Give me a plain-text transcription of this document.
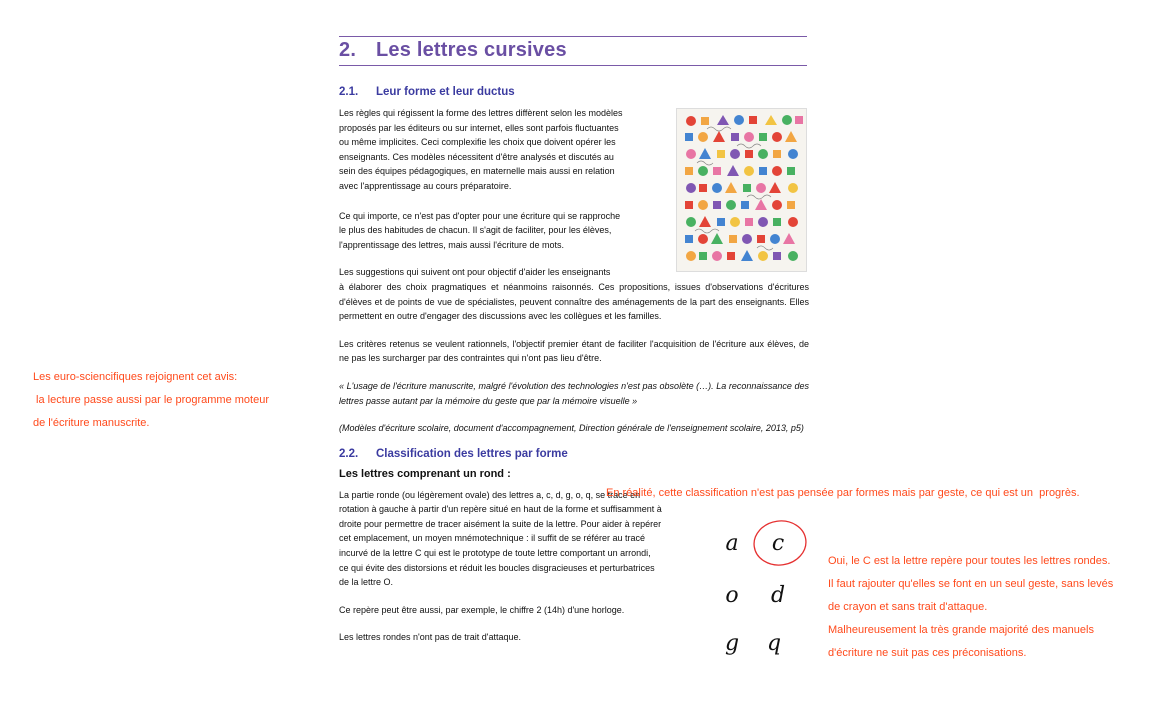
Les euro-sciencifiques rejoignent cet avis:
la lecture passe aussi par le programme moteur
de l'écriture manuscrite.
2. Les lettres cursives
2.1. Leur forme et leur ductus
Les règles qui régissent la forme des lettres diffèrent selon les modèles
proposés par les éditeurs ou sur internet, elles sont parfois fluctuantes
ou même implicites. Ceci complexifie les choix que doivent opérer les
enseignants. Ces modèles nécessitent d'être analysés et discutés au
sein des équipes pédagogiques, en maternelle mais aussi en relation
avec l'apprentissage au cours préparatoire.
Ce qui importe, ce n'est pas d'opter pour une écriture qui se rapproche
le plus des habitudes de chacun. Il s'agit de faciliter, pour les élèves,
l'apprentissage des lettres, mais aussi l'écriture de mots.
Les suggestions qui suivent ont pour objectif d'aider les enseignants
à élaborer des choix pragmatiques et néanmoins raisonnés. Ces propositions, issues d'observations d'écritures d'élèves et de points de vue de spécialistes, peuvent connaître des aménagements de la part des enseignants. Elles permettent en outre d'engager des discussions avec les collègues et les familles.
Les critères retenus se veulent rationnels, l'objectif premier étant de faciliter l'acquisition de l'écriture aux élèves, de ne pas les surcharger par des contraintes qui n'ont pas lieu d'être.
« L'usage de l'écriture manuscrite, malgré l'évolution des technologies n'est pas obsolète (…). La reconnaissance des lettres passe autant par la mémoire du geste que par la mémoire visuelle »
(Modèles d'écriture scolaire, document d'accompagnement, Direction générale de l'enseignement scolaire, 2013, p5)
2.2. Classification des lettres par forme
Les lettres comprenant un rond :
La partie ronde (ou légèrement ovale) des lettres a, c, d, g, o, q, se trace en
rotation à gauche à partir d'un repère situé en haut de la forme et suffisamment à
droite pour permettre de tracer aisément la suite de la lettre. Pour aider à repérer
cet emplacement, un moyen mnémotechnique : il suffit de se référer au tracé
incurvé de la lettre C qui est le prototype de toute lettre comportant un arrondi,
ce qui évite des distorsions et réduit les boucles disgracieuses et perturbatrices
de la lettre O.
Ce repère peut être aussi, par exemple, le chiffre 2 (14h) d'une horloge.
Les lettres rondes n'ont pas de trait d'attaque.
En réalité, cette classification n'est pas pensée par formes mais par geste, ce qui est un  progrès.
a c
o d
g q
Oui, le C est la lettre repère pour toutes les lettres rondes.
Il faut rajouter qu'elles se font en un seul geste, sans levés
de crayon et sans trait d'attaque.
Malheureusement la très grande majorité des manuels
d'écriture ne suit pas ces préconisations.
